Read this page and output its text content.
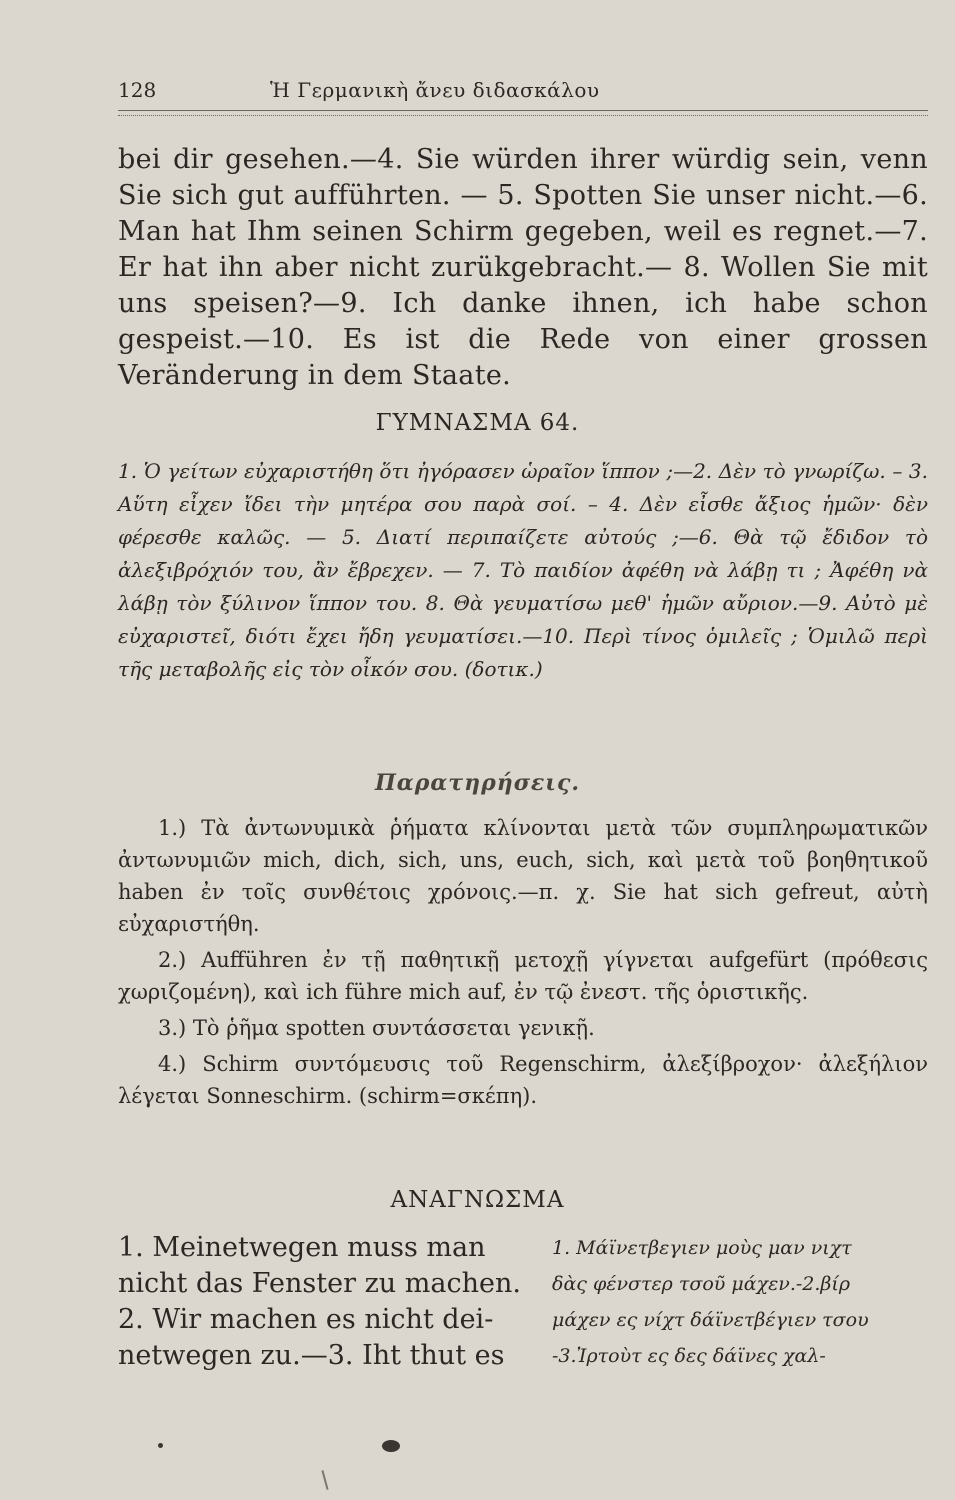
128	Ἡ Γερμανικὴ ἄνευ διδασκάλου

bei dir gesehen.—4. Sie würden ihrer würdig sein, venn Sie sich gut aufführten. — 5. Spotten Sie unser nicht.—6. Man hat Ihm seinen Schirm gegeben, weil es regnet.—7. Er hat ihn aber nicht zurükgebracht.— 8. Wollen Sie mit uns speisen?—9. Ich danke ihnen, ich habe schon gespeist.—10. Es ist die Rede von einer grossen Veränderung in dem Staate.

ΓΥΜΝΑΣΜΑ 64.

1. Ὁ γείτων εὐχαριστήθη ὅτι ἠγόρασεν ὡραῖον ἵππον ;—2. Δὲν τὸ γνωρίζω. – 3. Αὕτη εἶχεν ἴδει τὴν μητέρα σου παρὰ σοί. – 4. Δὲν εἶσθε ἄξιος ἡμῶν· δὲν φέρεσθε καλῶς. — 5. Διατί περιπαίζετε αὐτούς ;—6. Θὰ τῷ ἔδιδον τὸ ἀλεξιβρόχιόν του, ἂν ἔβρεχεν. — 7. Τὸ παιδίον ἀφέθη νὰ λάβῃ τι ; Ἀφέθη νὰ λάβῃ τὸν ξύλινον ἵππον του. 8. Θὰ γευματίσω μεθ' ἡμῶν αὔριον.—9. Αὐτὸ μὲ εὐχαριστεῖ, διότι ἔχει ἤδη γευματίσει.—10. Περὶ τίνος ὁμιλεῖς ; Ὁμιλῶ περὶ τῆς μεταβολῆς εἰς τὸν οἶκόν σου. (δοτικ.)

Παρατηρήσεις.

1.) Τὰ ἀντωνυμικὰ ῥήματα κλίνονται μετὰ τῶν συμπληρωματικῶν ἀντωνυμιῶν mich, dich, sich, uns, euch, sich, καὶ μετὰ τοῦ βοηθητικοῦ haben ἐν τοῖς συνθέτοις χρόνοις.—π. χ. Sie hat sich gefreut, αὐτὴ εὐχαριστήθη.

2.) Aufführen ἐν τῇ παθητικῇ μετοχῇ γίγνεται aufgefürt (πρόθεσις χωριζομένη), καὶ ich führe mich auf, ἐν τῷ ἐνεστ. τῆς ὁριστικῆς.

3.) Τὸ ῥῆμα spotten συντάσσεται γενικῇ.

4.) Schirm συντόμευσις τοῦ Regenschirm, ἀλεξίβροχον· ἀλεξήλιον λέγεται Sonneschirm. (schirm=σκέπη).

ΑΝΑΓΝΩΣΜΑ

1. Meinetwegen muss man

nicht das Fenster zu machen.

2. Wir machen es nicht dei-

netwegen zu.—3. Iht thut es

1. Μάϊνετβεγιεν μοὺς μαν νιχτ

δὰς φένστερ τσοῦ μάχεν.-2.βίρ

μάχεν ες νίχτ δάϊνετβέγιεν τσου

-3.Ἰρτοὺτ ες δες δάϊνες χαλ-
